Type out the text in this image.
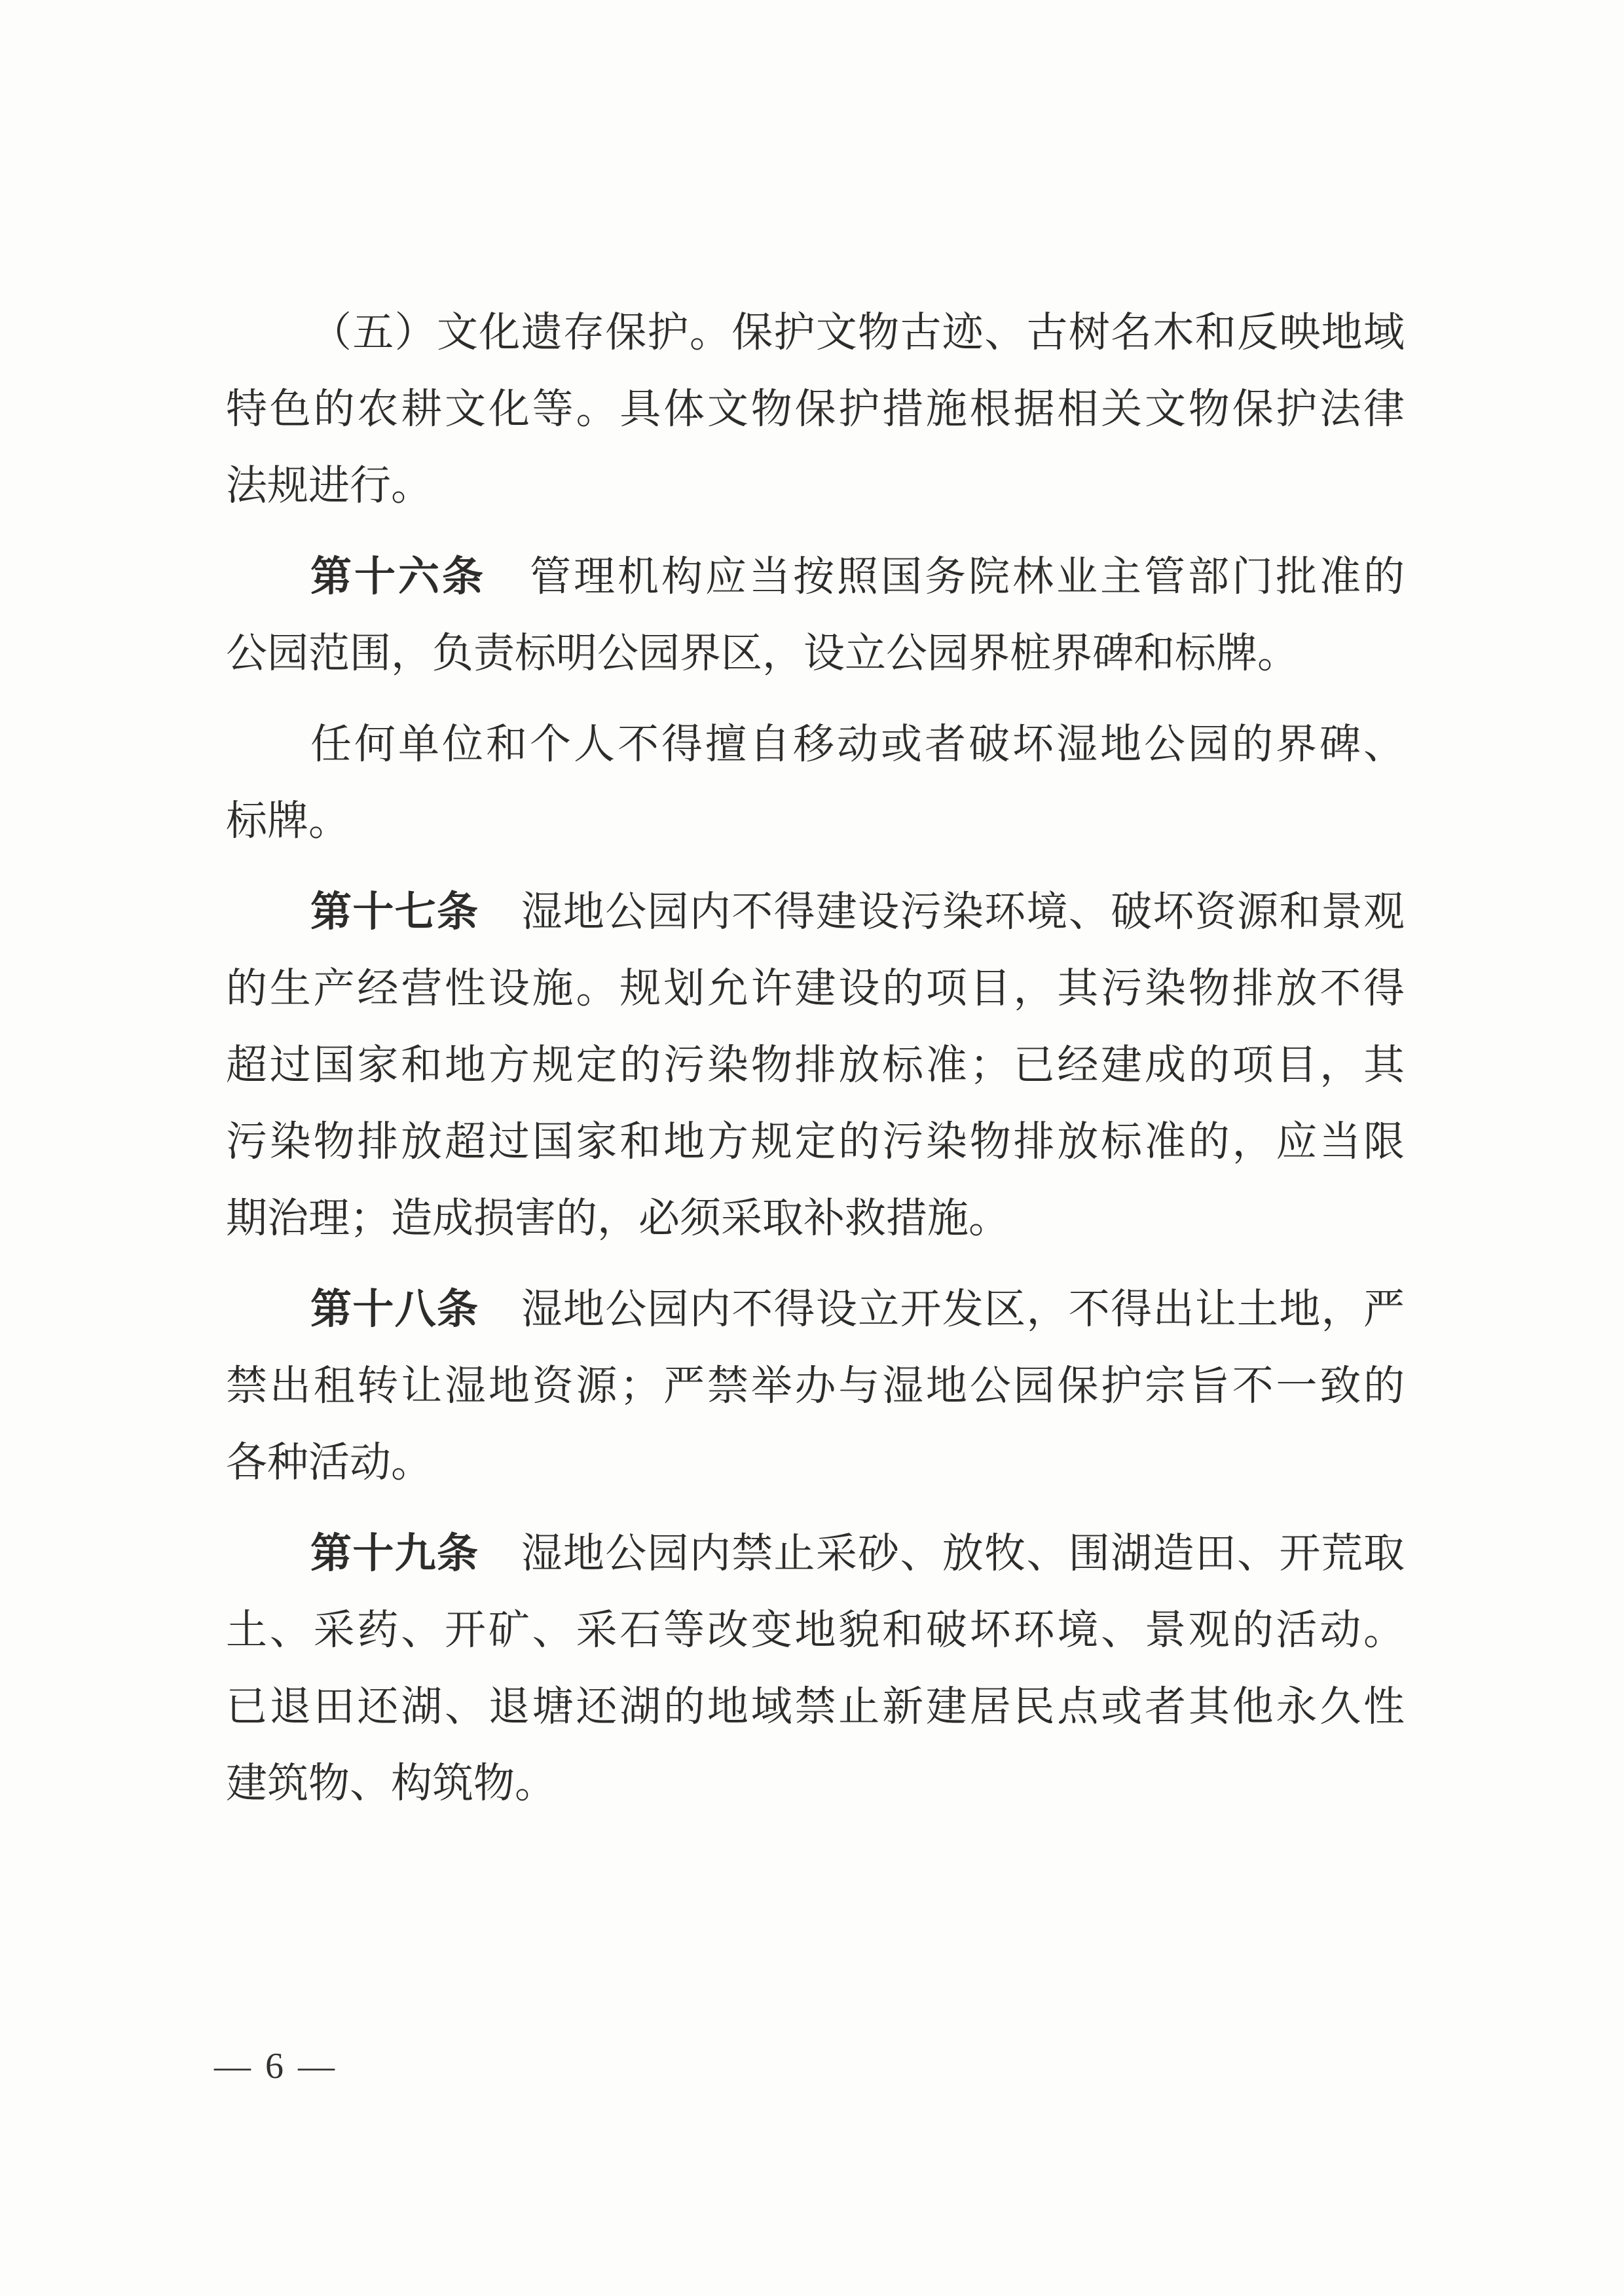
（五）文化遗存保护。保护文物古迹、古树名木和反映地域

特色的农耕文化等。具体文物保护措施根据相关文物保护法律

法规进行。

第十六条　管理机构应当按照国务院林业主管部门批准的

公园范围，负责标明公园界区，设立公园界桩界碑和标牌。

任何单位和个人不得擅自移动或者破坏湿地公园的界碑、

标牌。

第十七条　湿地公园内不得建设污染环境、破坏资源和景观

的生产经营性设施。规划允许建设的项目，其污染物排放不得

超过国家和地方规定的污染物排放标准；已经建成的项目，其

污染物排放超过国家和地方规定的污染物排放标准的，应当限

期治理；造成损害的，必须采取补救措施。

第十八条　湿地公园内不得设立开发区，不得出让土地，严

禁出租转让湿地资源；严禁举办与湿地公园保护宗旨不一致的

各种活动。

第十九条　湿地公园内禁止采砂、放牧、围湖造田、开荒取

土、采药、开矿、采石等改变地貌和破坏环境、景观的活动。

已退田还湖、退塘还湖的地域禁止新建居民点或者其他永久性

建筑物、构筑物。

— 6 —
